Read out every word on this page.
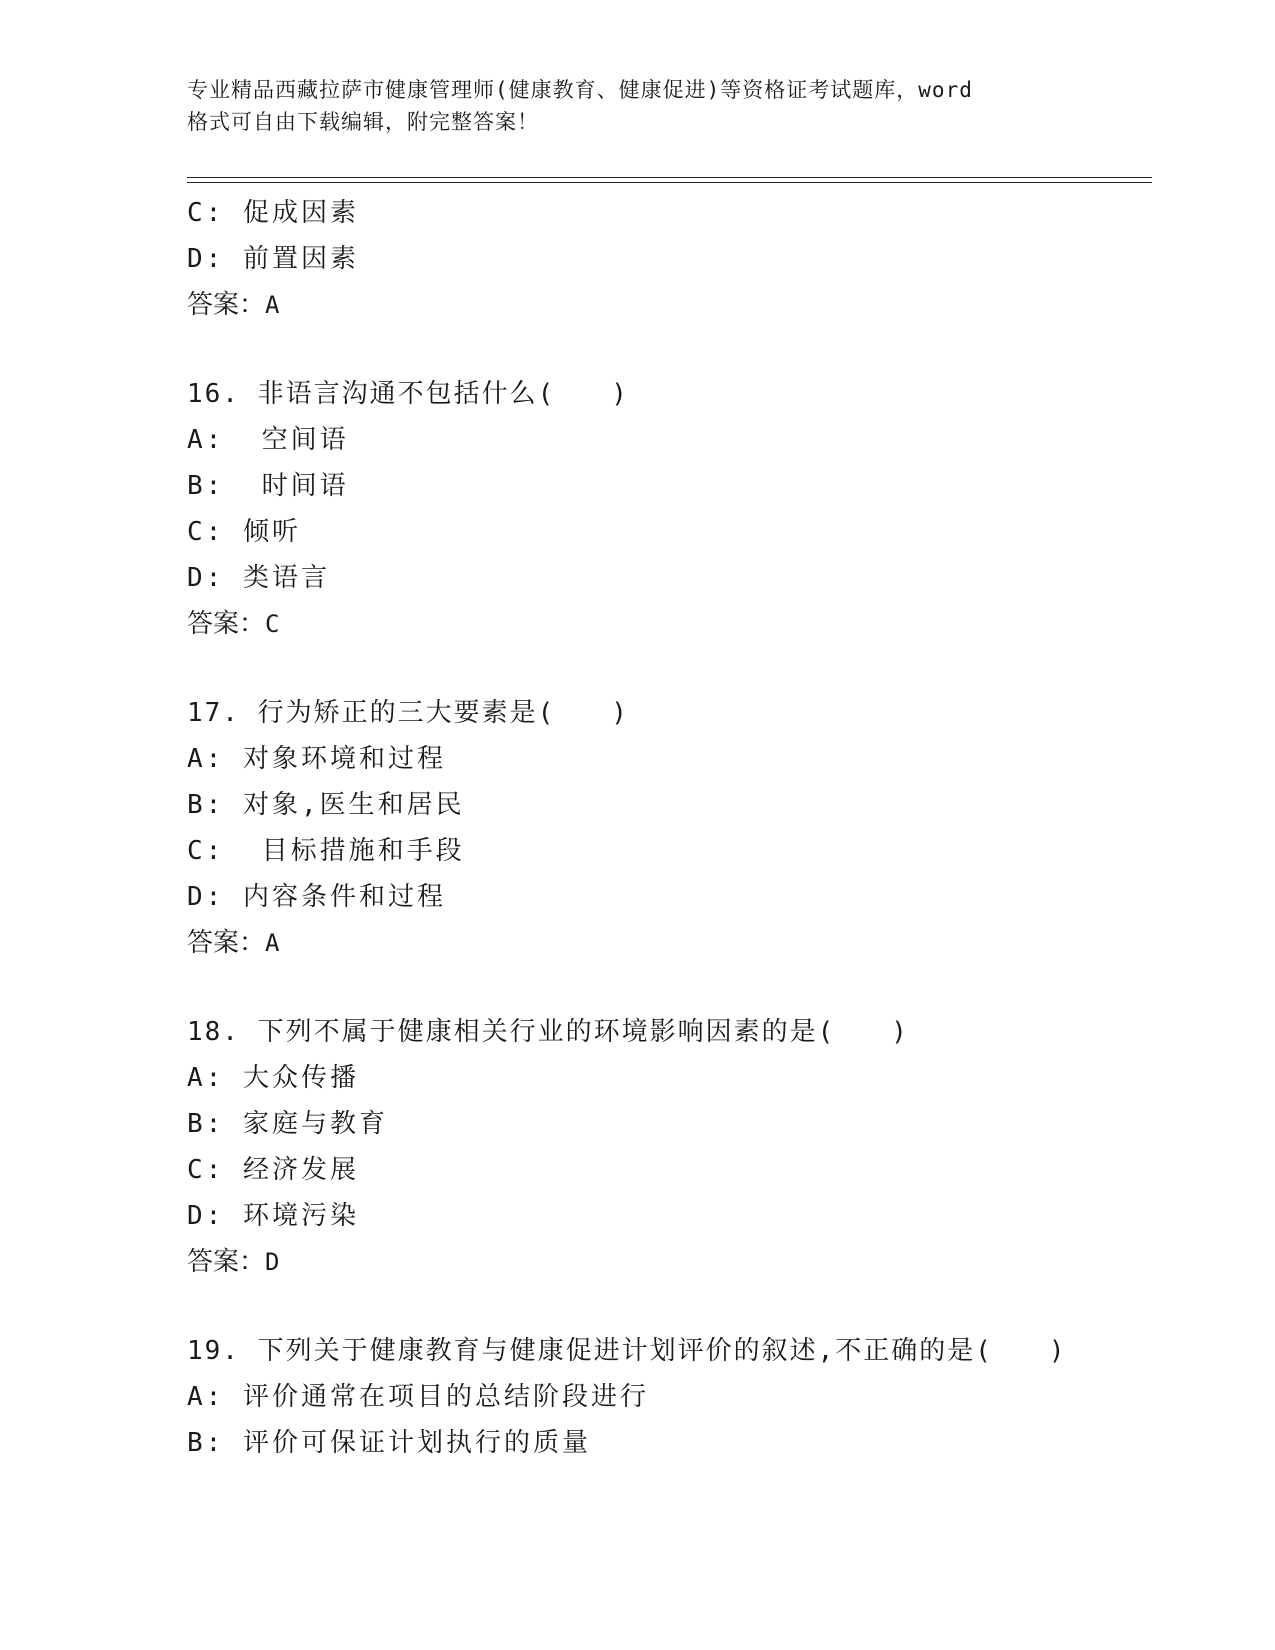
专业精品西藏拉萨市健康管理师(健康教育、健康促进)等资格证考试题库，word
格式可自由下载编辑，附完整答案！
C: 促成因素
D: 前置因素
答案：A
16. 非语言沟通不包括什么(　　)
A:  空间语
B:  时间语
C: 倾听
D: 类语言
答案：C
17. 行为矫正的三大要素是(　　)
A: 对象环境和过程
B: 对象,医生和居民
C:  目标措施和手段
D: 内容条件和过程
答案：A
18. 下列不属于健康相关行业的环境影响因素的是(　　)
A: 大众传播
B: 家庭与教育
C: 经济发展
D: 环境污染
答案：D
19. 下列关于健康教育与健康促进计划评价的叙述,不正确的是(　　)
A: 评价通常在项目的总结阶段进行
B: 评价可保证计划执行的质量
